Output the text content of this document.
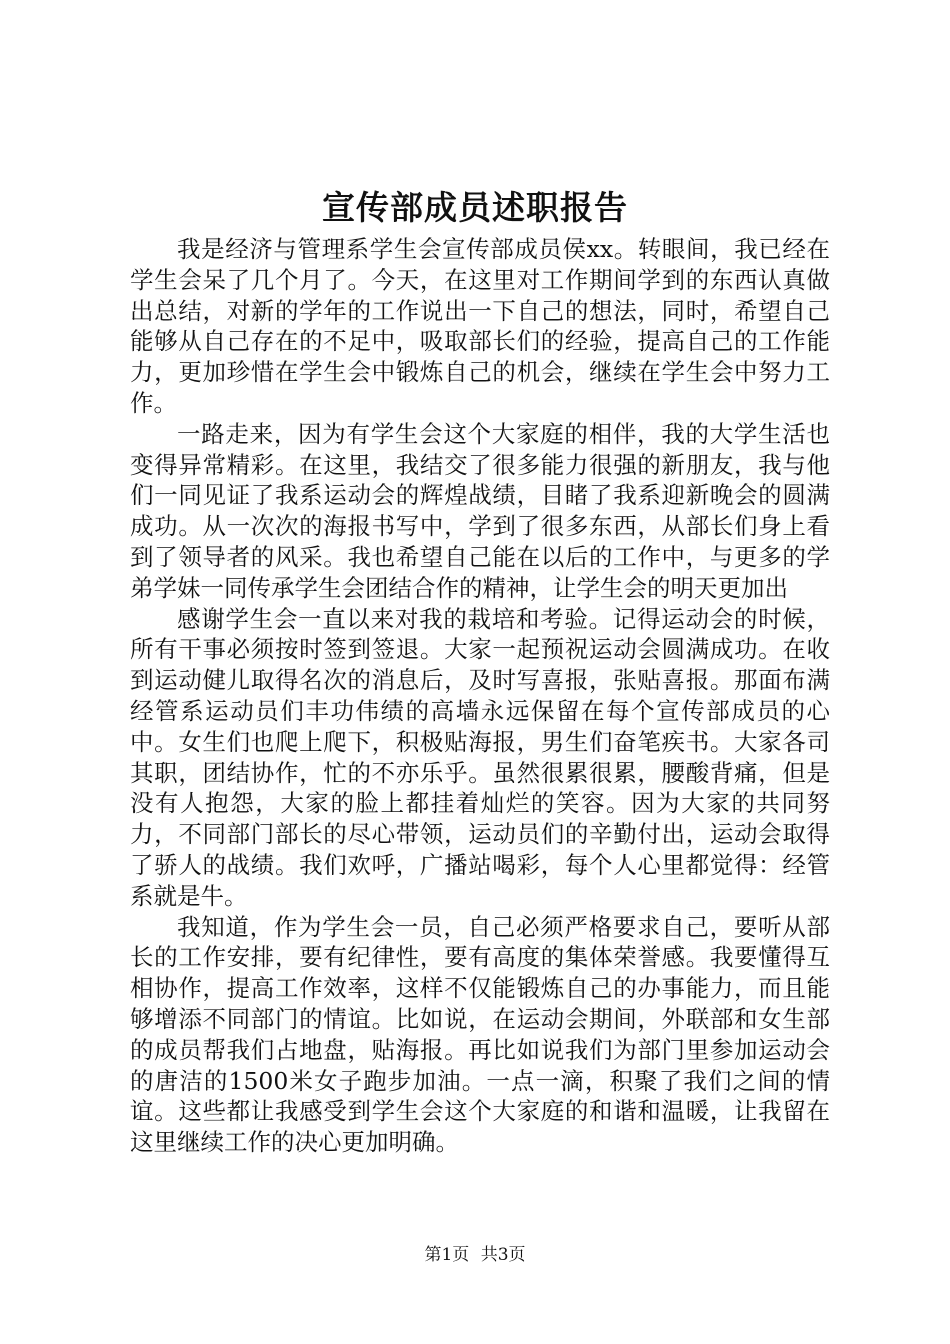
宣传部成员述职报告

我是经济与管理系学生会宣传部成员侯xx。转眼间，我已经在学生会呆了几个月了。今天，在这里对工作期间学到的东西认真做出总结，对新的学年的工作说出一下自己的想法，同时，希望自己能够从自己存在的不足中，吸取部长们的经验，提高自己的工作能力，更加珍惜在学生会中锻炼自己的机会，继续在学生会中努力工作。

一路走来，因为有学生会这个大家庭的相伴，我的大学生活也变得异常精彩。在这里，我结交了很多能力很强的新朋友，我与他们一同见证了我系运动会的辉煌战绩，目睹了我系迎新晚会的圆满成功。从一次次的海报书写中，学到了很多东西，从部长们身上看到了领导者的风采。我也希望自己能在以后的工作中，与更多的学弟学妹一同传承学生会团结合作的精神，让学生会的明天更加出

感谢学生会一直以来对我的栽培和考验。记得运动会的时候，所有干事必须按时签到签退。大家一起预祝运动会圆满成功。在收到运动健儿取得名次的消息后，及时写喜报，张贴喜报。那面布满经管系运动员们丰功伟绩的高墙永远保留在每个宣传部成员的心中。女生们也爬上爬下，积极贴海报，男生们奋笔疾书。大家各司其职，团结协作，忙的不亦乐乎。虽然很累很累，腰酸背痛，但是没有人抱怨，大家的脸上都挂着灿烂的笑容。因为大家的共同努力，不同部门部长的尽心带领，运动员们的辛勤付出，运动会取得了骄人的战绩。我们欢呼，广播站喝彩，每个人心里都觉得：经管系就是牛。

我知道，作为学生会一员，自己必须严格要求自己，要听从部长的工作安排，要有纪律性，要有高度的集体荣誉感。我要懂得互相协作，提高工作效率，这样不仅能锻炼自己的办事能力，而且能够增添不同部门的情谊。比如说，在运动会期间，外联部和女生部的成员帮我们占地盘，贴海报。再比如说我们为部门里参加运动会的唐洁的1500米女子跑步加油。一点一滴，积聚了我们之间的情谊。这些都让我感受到学生会这个大家庭的和谐和温暖，让我留在这里继续工作的决心更加明确。

第1页 共3页
